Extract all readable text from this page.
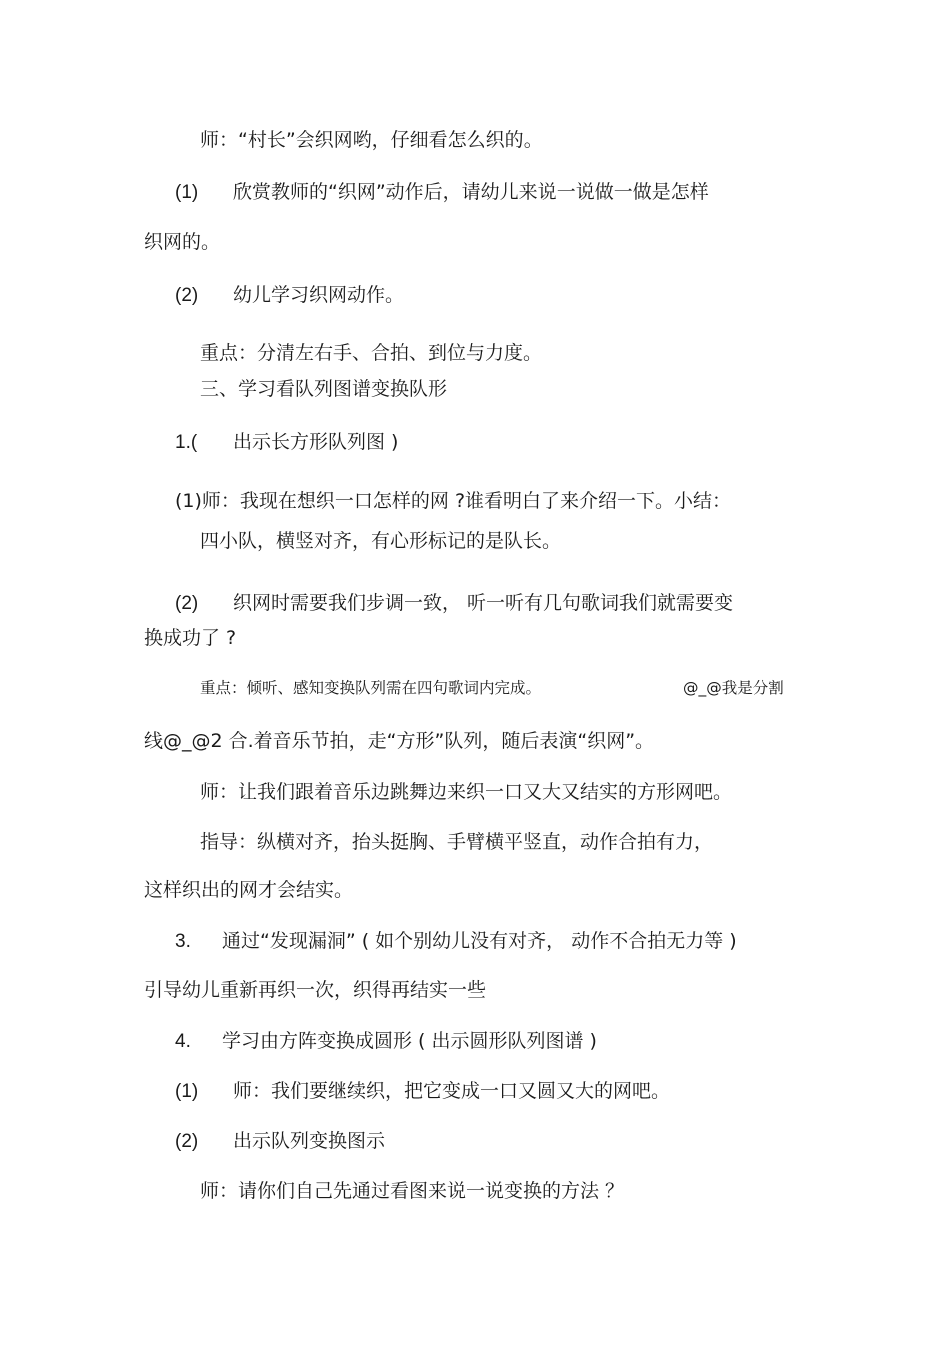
师：“村长”会织网哟，仔细看怎么织的。
(1) 欣赏教师的“织网”动作后，请幼儿来说一说做一做是怎样
织网的。
(2) 幼儿学习织网动作。
重点：分清左右手、合拍、到位与力度。
三、学习看队列图谱变换队形
1.( 出示长方形队列图 )
(1)师：我现在想织一口怎样的网 ?谁看明白了来介绍一下。小结：
四小队，横竖对齐，有心形标记的是队长。
(2) 织网时需要我们步调一致， 听一听有几句歌词我们就需要变
换成功了 ?
重点：倾听、感知变换队列需在四句歌词内完成。	@_@我是分割
线@_@2 合.着音乐节拍，走“方形”队列，随后表演“织网”。
师：让我们跟着音乐边跳舞边来织一口又大又结实的方形网吧。
指导：纵横对齐，抬头挺胸、手臂横平竖直，动作合拍有力，
这样织出的网才会结实。
3. 通过“发现漏洞” ( 如个别幼儿没有对齐， 动作不合拍无力等 )
引导幼儿重新再织一次，织得再结实一些
4. 学习由方阵变换成圆形 ( 出示圆形队列图谱 )
(1) 师：我们要继续织，把它变成一口又圆又大的网吧。
(2) 出示队列变换图示
师：请你们自己先通过看图来说一说变换的方法 ？
